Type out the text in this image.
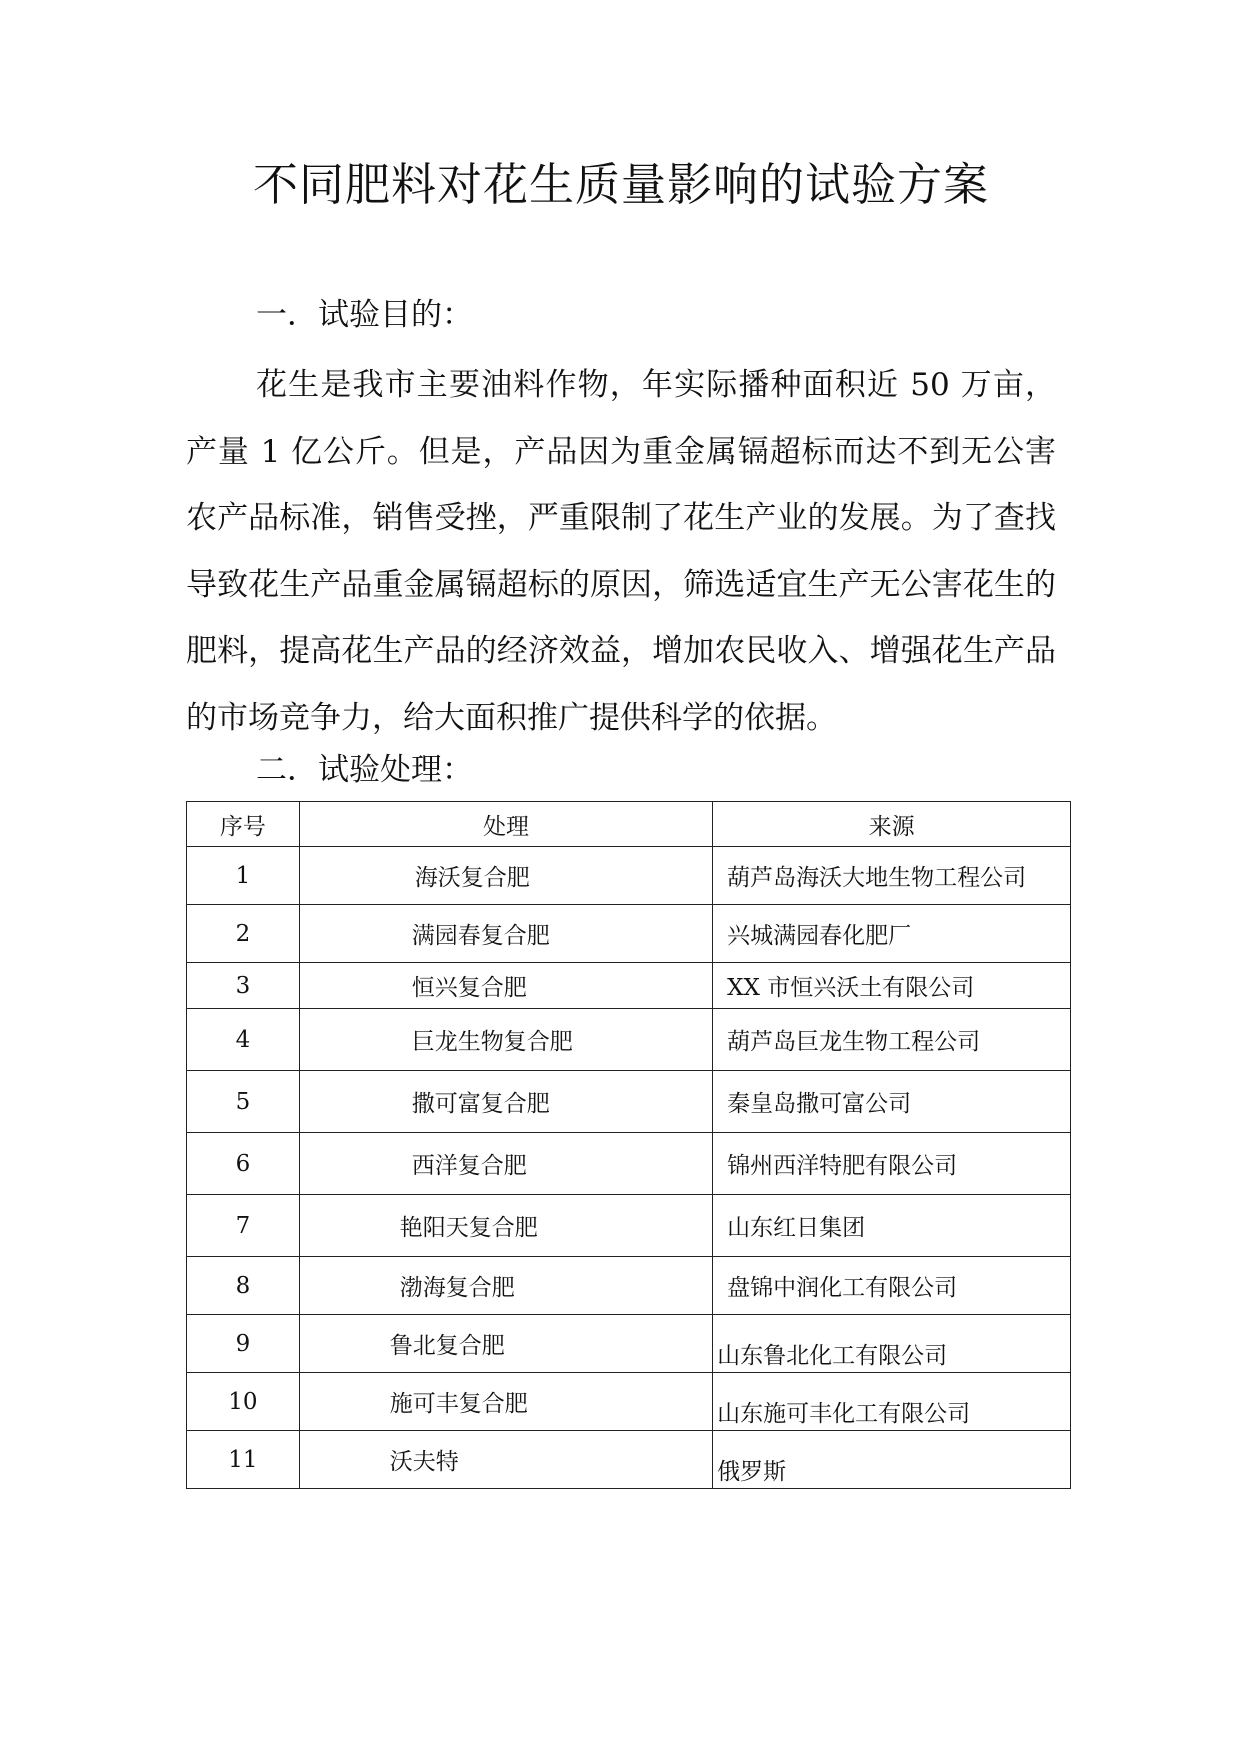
不同肥料对花生质量影响的试验方案
一．试验目的：

花生是我市主要油料作物，年实际播种面积近 50 万亩，产量 1 亿公斤。但是，产品因为重金属镉超标而达不到无公害农产品标准，销售受挫，严重限制了花生产业的发展。为了查找导致花生产品重金属镉超标的原因，筛选适宜生产无公害花生的肥料，提高花生产品的经济效益，增加农民收入、增强花生产品的市场竞争力，给大面积推广提供科学的依据。

二．试验处理：
序号	处理	来源
1	海沃复合肥	葫芦岛海沃大地生物工程公司
2	满园春复合肥	兴城满园春化肥厂
3	恒兴复合肥	XX 市恒兴沃土有限公司
4	巨龙生物复合肥	葫芦岛巨龙生物工程公司
5	撒可富复合肥	秦皇岛撒可富公司
6	西洋复合肥	锦州西洋特肥有限公司
7	艳阳天复合肥	山东红日集团
8	渤海复合肥	盘锦中润化工有限公司
9	鲁北复合肥	山东鲁北化工有限公司
10	施可丰复合肥	山东施可丰化工有限公司
11	沃夫特	俄罗斯
